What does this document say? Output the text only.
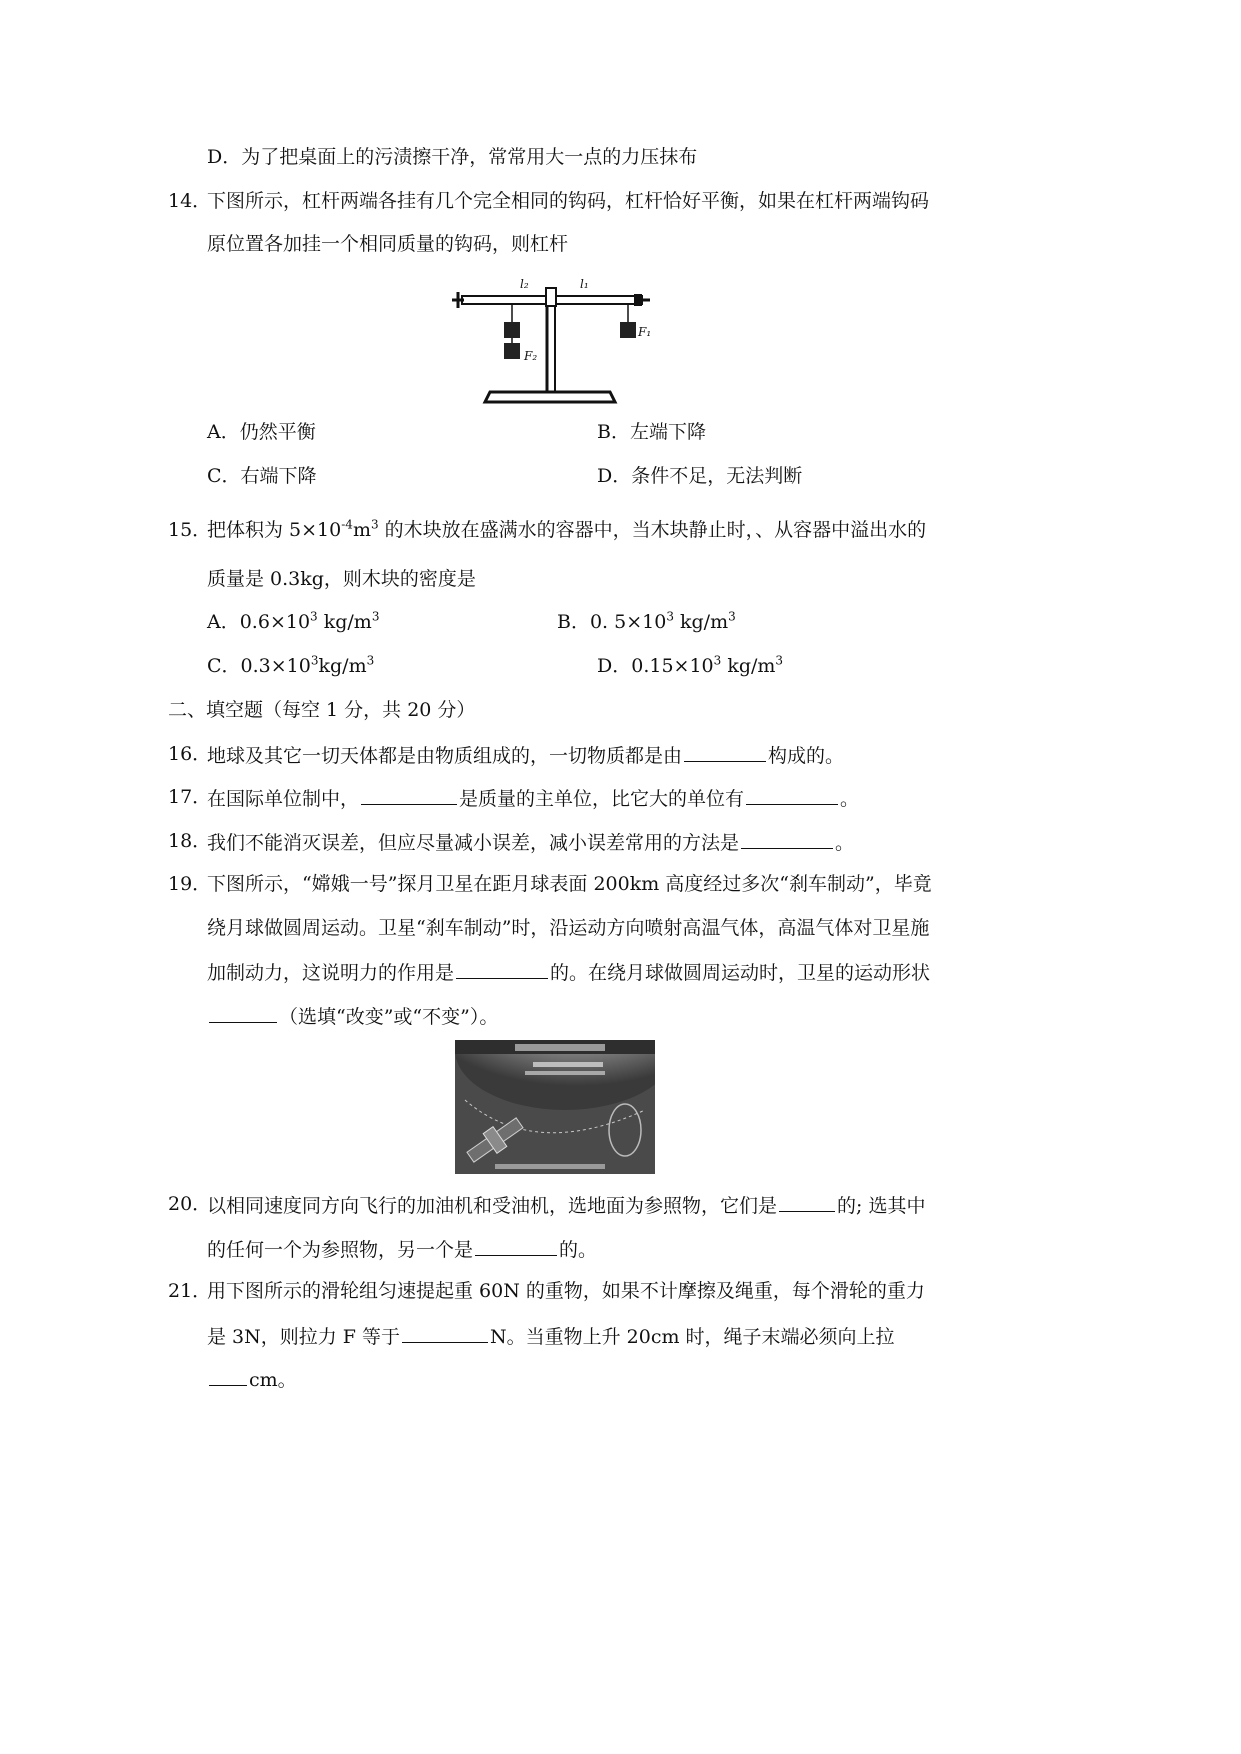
D．为了把桌面上的污渍擦干净，常常用大一点的力压抹布
14．
下图所示，杠杆两端各挂有几个完全相同的钩码，杠杆恰好平衡，如果在杠杆两端钩码
原位置各加挂一个相同质量的钩码，则杠杆
l₂	l₁
F₂
F₁
A．仍然平衡	B．左端下降
C．右端下降	D．条件不足，无法判断
15．
把体积为 $5\times 10^{-4}m^3$ 的木块放在盛满水的容器中，当木块静止时，、从容器中溢出水的
质量是 0.3kg，则木块的密度是
A．$0.6\times 10^3$ $kg/m^3$	B．0. $5\times 10^3$ $kg/m^3$
C．$0.3\times 10^3kg/m^3$	D．$0.15\times 10^3$ $kg/m^3$
二、填空题（每空 1 分，共 20 分）
16．
地球及其它一切天体都是由物质组成的，一切物质都是由	构成的。
17．
在国际单位制中，	是质量的主单位，比它大的单位有	。
18．
我们不能消灭误差，但应尽量减小误差，减小误差常用的方法是	。
19．
下图所示，“嫦娥一号”探月卫星在距月球表面 200km 高度经过多次“刹车制动”，毕竟
绕月球做圆周运动。卫星“刹车制动”时，沿运动方向喷射高温气体，高温气体对卫星施
加制动力，这说明力的作用是	的。在绕月球做圆周运动时，卫星的运动形状
（选填“改变”或“不变”）。
20．
以相同速度同方向飞行的加油机和受油机，选地面为参照物，它们是	的; 选其中
的任何一个为参照物，另一个是	的。
21．
用下图所示的滑轮组匀速提起重 60N 的重物，如果不计摩擦及绳重，每个滑轮的重力
是 3N，则拉力 F 等于	N。当重物上升 20cm 时，绳子末端必须向上拉
cm。
